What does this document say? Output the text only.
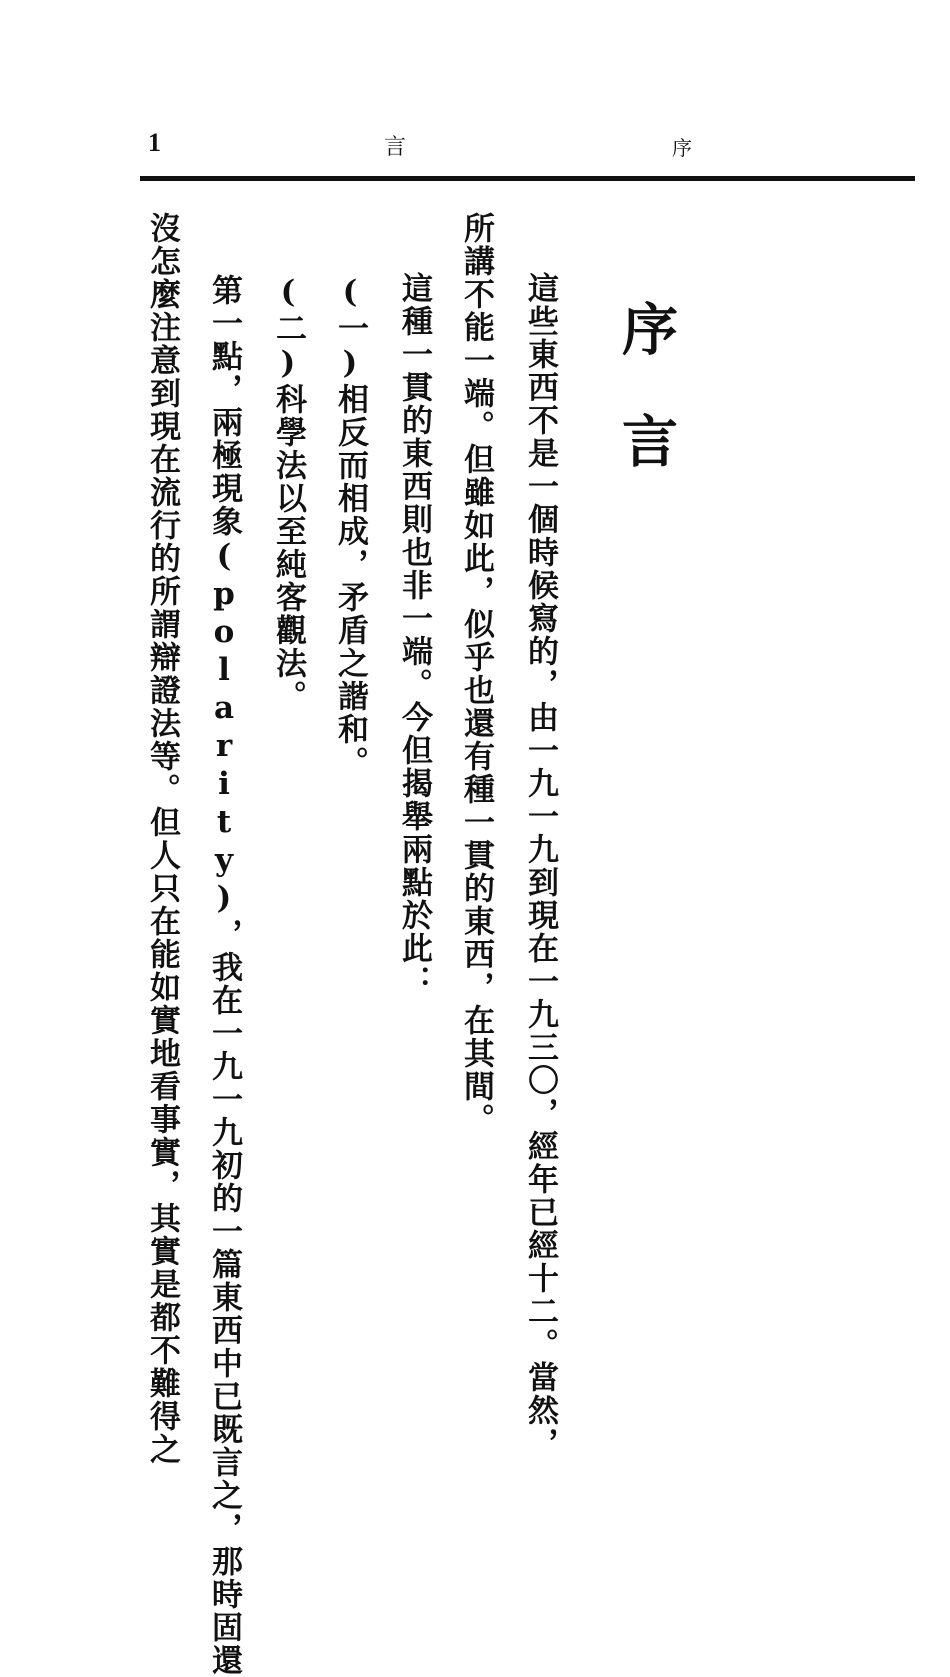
1	言	序
序言
這些東西不是一個時候寫的，由一九一九到現在一九三〇，經年已經十二。當然，
所講不能一端。但雖如此，似乎也還有種一貫的東西，在其間。
這種一貫的東西則也非一端。今但揭舉兩點於此：
(一)相反而相成，矛盾之諧和。
(二)科學法以至純客觀法。
第一點，兩極現象(polarity)，我在一九一九初的一篇東西中已既言之，那時固還
沒怎麼注意到現在流行的所謂辯證法等。但人只在能如實地看事實，其實是都不難得之
